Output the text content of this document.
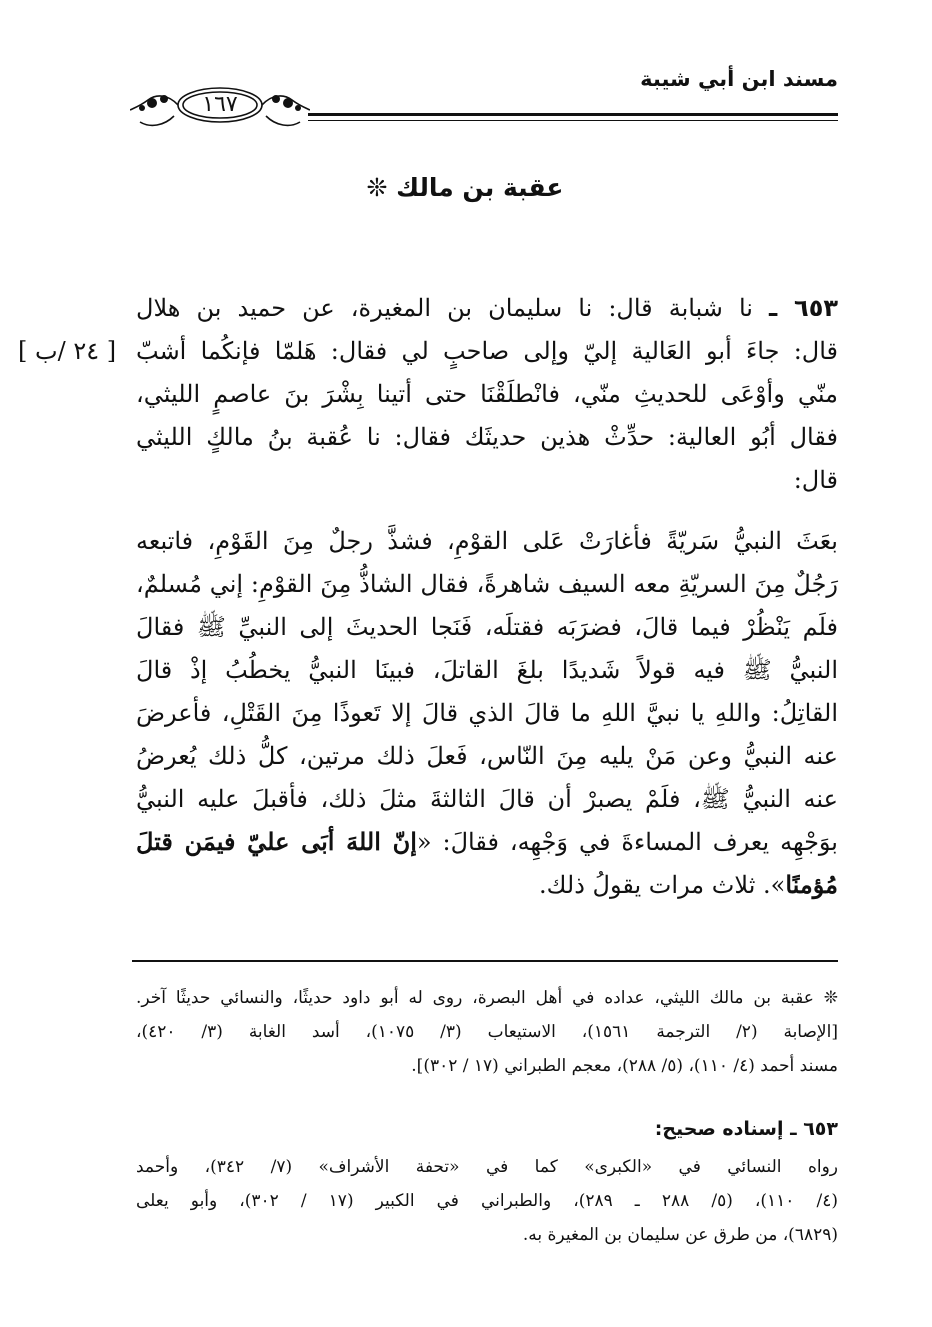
مسند ابن أبي شيبة
١٦٧
عقبة بن مالك ❊
٦٥٣ ـ نا شبابة قال: نا سليمان بن المغيرة، عن حميد بن هلال
قال: جاءَ أبو العَالية إليّ وإلى صاحبٍ لي فقال: هَلمّا فإنكُما أشبّ
[ ٢٤ /ب ]
منّي وأوْعَى للحديثِ منّي، فانْطلَقْنَا حتى أتينا بِشْرَ بنَ عاصمٍ الليثي،
فقال أبُو العالية: حدِّثْ هذين حديثَك فقال: نا عُقبة بنُ مالكٍ الليثي
قال:
بعَثَ النبيُّ سَريّةً فأغارَتْ عَلى القوْمِ، فشذَّ رجلٌ مِنَ القَوْمِ، فاتبعه
رَجُلٌ مِنَ السريّةِ معه السيف شاهرةً، فقال الشاذُّ مِنَ القوْمِ: إني مُسلمٌ،
فلَم يَنْظُرْ فيما قالَ، فضرَبَه فقتلَه، فَنَجا الحديثَ إلى النبيِّ ﷺ فقالَ
النبيُّ ﷺ فيه قولاً شَديدًا بلغَ القاتلَ، فبينَا النبيُّ يخطُبُ إذْ قالَ
القاتِلُ: واللهِ يا نبيَّ اللهِ ما قالَ الذي قالَ إلا تَعوذًا مِنَ القَتْلِ، فأعرضَ
عنه النبيُّ وعن مَنْ يليه مِنَ النّاس، فَعلَ ذلك مرتين، كلُّ ذلك يُعرضُ
عنه النبيُّ ﷺ، فلَمْ يصبرْ أن قالَ الثالثةَ مثلَ ذلك، فأقبلَ عليه النبيُّ
بوَجْهِه يعرف المساءةَ في وَجْهِه، فقالَ: «إنّ اللهَ أبَى عليّ فيمَن قتلَ
مُؤمنًا». ثلاث مرات يقولُ ذلك.
❊ عقبة بن مالك الليثي، عداده في أهل البصرة، روى له أبو داود حديثًا، والنسائي حديثًا آخر.
[الإصابة (٢/ الترجمة ١٥٦١)، الاستيعاب (٣/ ١٠٧٥)، أسد الغابة (٣/ ٤٢٠)،
مسند أحمد (٤/ ١١٠)، (٥/ ٢٨٨)، معجم الطبراني (١٧ / ٣٠٢)].
٦٥٣ ـ إسناده صحيح:
رواه النسائي في «الكبرى» كما في «تحفة الأشراف» (٧/ ٣٤٢)، وأحمد
(٤/ ١١٠)، (٥/ ٢٨٨ ـ ٢٨٩)، والطبراني في الكبير (١٧ / ٣٠٢)، وأبو يعلى
(٦٨٢٩)، من طرق عن سليمان بن المغيرة به.
